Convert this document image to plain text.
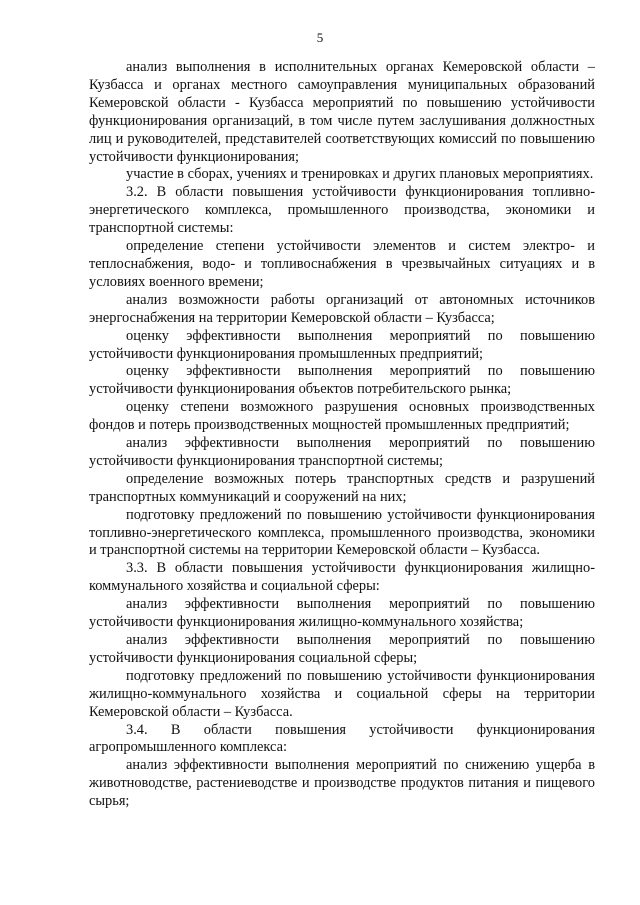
5

анализ выполнения в исполнительных органах Кемеровской области – Кузбасса и органах местного самоуправления муниципальных образований Кемеровской области - Кузбасса мероприятий по повышению устойчивости функционирования организаций, в том числе путем заслушивания должностных лиц и руководителей, представителей соответствующих комиссий по повышению устойчивости функционирования;

участие в сборах, учениях и тренировках и других плановых мероприятиях.

3.2. В области повышения устойчивости функционирования топливно-энергетического комплекса, промышленного производства, экономики и транспортной системы:

определение степени устойчивости элементов и систем электро- и теплоснабжения, водо- и топливоснабжения в чрезвычайных ситуациях и в условиях военного времени;

анализ возможности работы организаций от автономных источников энергоснабжения на территории Кемеровской области – Кузбасса;

оценку эффективности выполнения мероприятий по повышению устойчивости функционирования промышленных предприятий;

оценку эффективности выполнения мероприятий по повышению устойчивости функционирования объектов потребительского рынка;

оценку степени возможного разрушения основных производственных фондов и потерь производственных мощностей промышленных предприятий;

анализ эффективности выполнения мероприятий по повышению устойчивости функционирования транспортной системы;

определение возможных потерь транспортных средств и разрушений транспортных коммуникаций и сооружений на них;

подготовку предложений по повышению устойчивости функционирования топливно-энергетического комплекса, промышленного производства, экономики и транспортной системы на территории Кемеровской области – Кузбасса.

3.3. В области повышения устойчивости функционирования жилищно-коммунального хозяйства и социальной сферы:

анализ эффективности выполнения мероприятий по повышению устойчивости функционирования жилищно-коммунального хозяйства;

анализ эффективности выполнения мероприятий по повышению устойчивости функционирования социальной сферы;

подготовку предложений по повышению устойчивости функционирования жилищно-коммунального хозяйства и социальной сферы на территории Кемеровской области – Кузбасса.

3.4. В области повышения устойчивости функционирования агропромышленного комплекса:

анализ эффективности выполнения мероприятий по снижению ущерба в животноводстве, растениеводстве и производстве продуктов питания и пищевого сырья;
